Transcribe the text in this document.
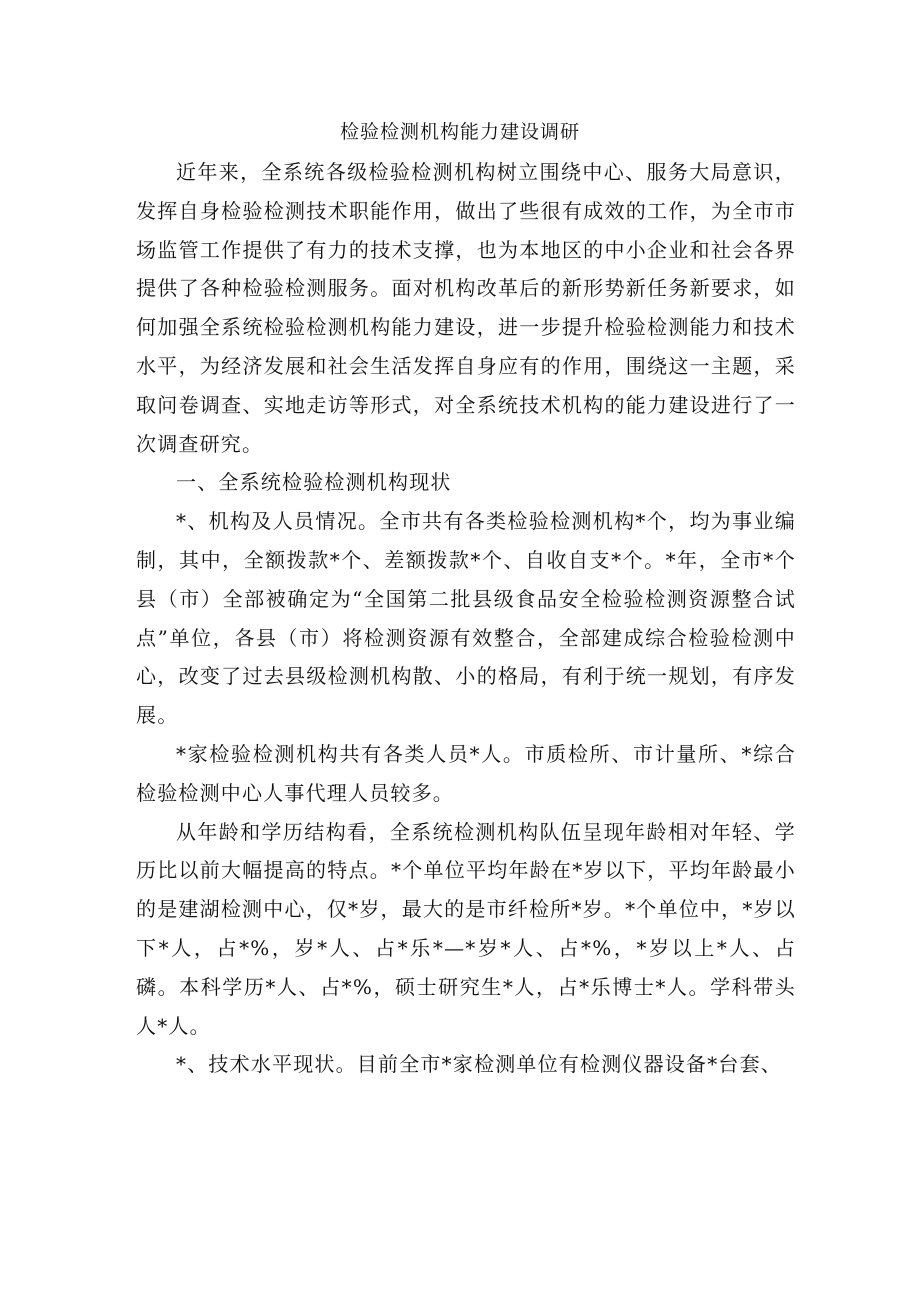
检验检测机构能力建设调研

近年来，全系统各级检验检测机构树立围绕中心、服务大局意识，发挥自身检验检测技术职能作用，做出了些很有成效的工作，为全市市场监管工作提供了有力的技术支撑，也为本地区的中小企业和社会各界提供了各种检验检测服务。面对机构改革后的新形势新任务新要求，如何加强全系统检验检测机构能力建设，进一步提升检验检测能力和技术水平，为经济发展和社会生活发挥自身应有的作用，围绕这一主题，采取问卷调查、实地走访等形式，对全系统技术机构的能力建设进行了一次调查研究。

一、全系统检验检测机构现状

*、机构及人员情况。全市共有各类检验检测机构*个，均为事业编制，其中，全额拨款*个、差额拨款*个、自收自支*个。*年，全市*个县（市）全部被确定为“全国第二批县级食品安全检验检测资源整合试点”单位，各县（市）将检测资源有效整合，全部建成综合检验检测中心，改变了过去县级检测机构散、小的格局，有利于统一规划，有序发展。

*家检验检测机构共有各类人员*人。市质检所、市计量所、*综合检验检测中心人事代理人员较多。

从年龄和学历结构看，全系统检测机构队伍呈现年龄相对年轻、学历比以前大幅提高的特点。*个单位平均年龄在*岁以下，平均年龄最小的是建湖检测中心，仅*岁，最大的是市纤检所*岁。*个单位中，*岁以下*人，占*%，岁*人、占*乐*—*岁*人、占*%，*岁以上*人、占磷。本科学历*人、占*%，硕士研究生*人，占*乐博士*人。学科带头人*人。

*、技术水平现状。目前全市*家检测单位有检测仪器设备*台套、
